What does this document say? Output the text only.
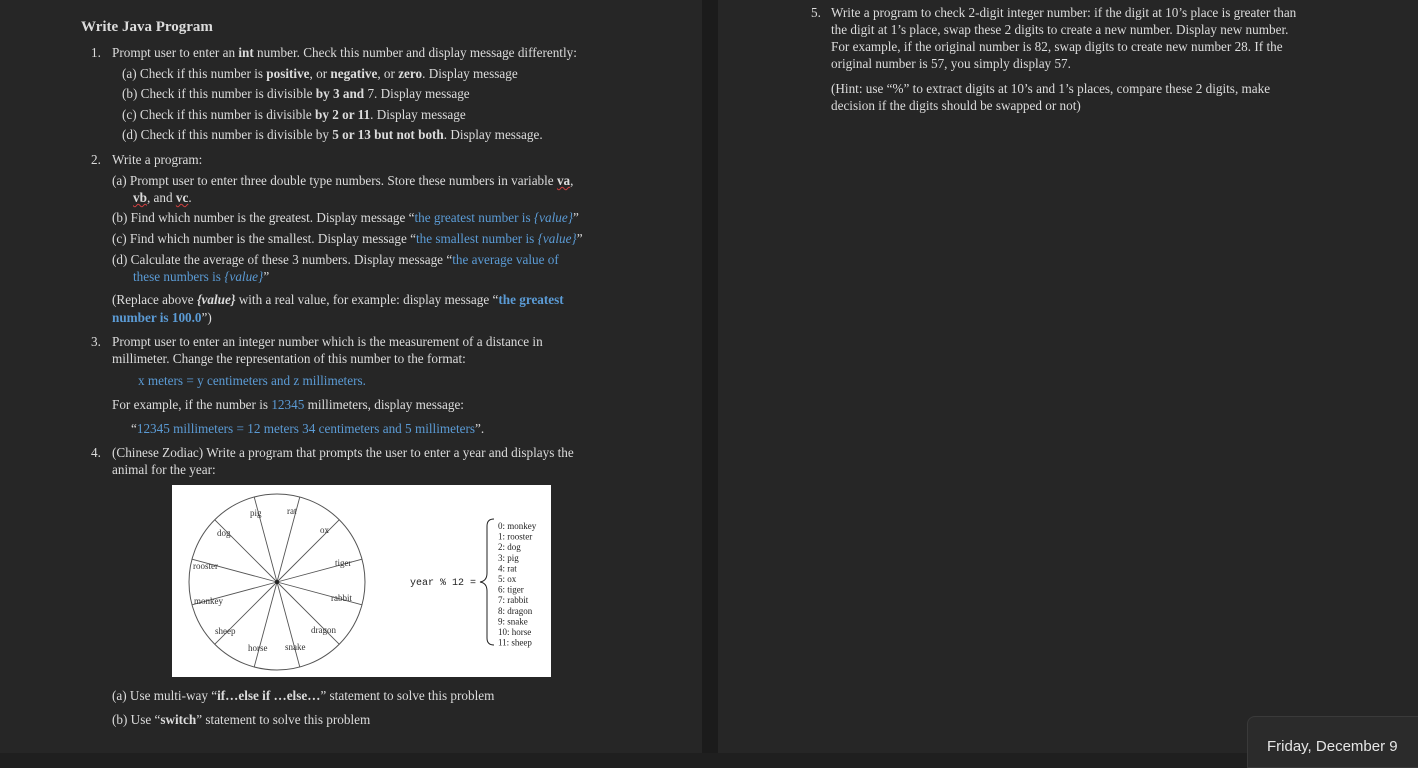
Write Java Program
1. Prompt user to enter an int number. Check this number and display message differently:
(a) Check if this number is positive, or negative, or zero. Display message
(b) Check if this number is divisible by 3 and 7. Display message
(c) Check if this number is divisible by 2 or 11. Display message
(d) Check if this number is divisible by 5 or 13 but not both. Display message.
2. Write a program:
(a) Prompt user to enter three double type numbers. Store these numbers in variable va,
vb, and vc.
(b) Find which number is the greatest. Display message “the greatest number is {value}”
(c) Find which number is the smallest. Display message “the smallest number is {value}”
(d) Calculate the average of these 3 numbers. Display message “the average value of
these numbers is {value}”
(Replace above {value} with a real value, for example: display message “the greatest
number is 100.0”)
3. Prompt user to enter an integer number which is the measurement of a distance in
millimeter. Change the representation of this number to the format:
x meters = y centimeters and z millimeters.
For example, if the number is 12345 millimeters, display message:
“12345 millimeters = 12 meters 34 centimeters and 5 millimeters”.
4. (Chinese Zodiac) Write a program that prompts the user to enter a year and displays the
animal for the year:
pig	rat
ox
tiger
rabbit
dragon
snake
horse
sheep
monkey
rooster
dog
year % 12 =
0: monkey
1: rooster
2: dog
3: pig
4: rat
5: ox
6: tiger
7: rabbit
8: dragon
9: snake
10: horse
11: sheep
(a) Use multi-way “if…else if …else…” statement to solve this problem
(b) Use “switch” statement to solve this problem
5. Write a program to check 2-digit integer number: if the digit at 10’s place is greater than
the digit at 1’s place, swap these 2 digits to create a new number. Display new number.
For example, if the original number is 82, swap digits to create new number 28. If the
original number is 57, you simply display 57.
(Hint: use “%” to extract digits at 10’s and 1’s places, compare these 2 digits, make
decision if the digits should be swapped or not)
Friday, December 9
